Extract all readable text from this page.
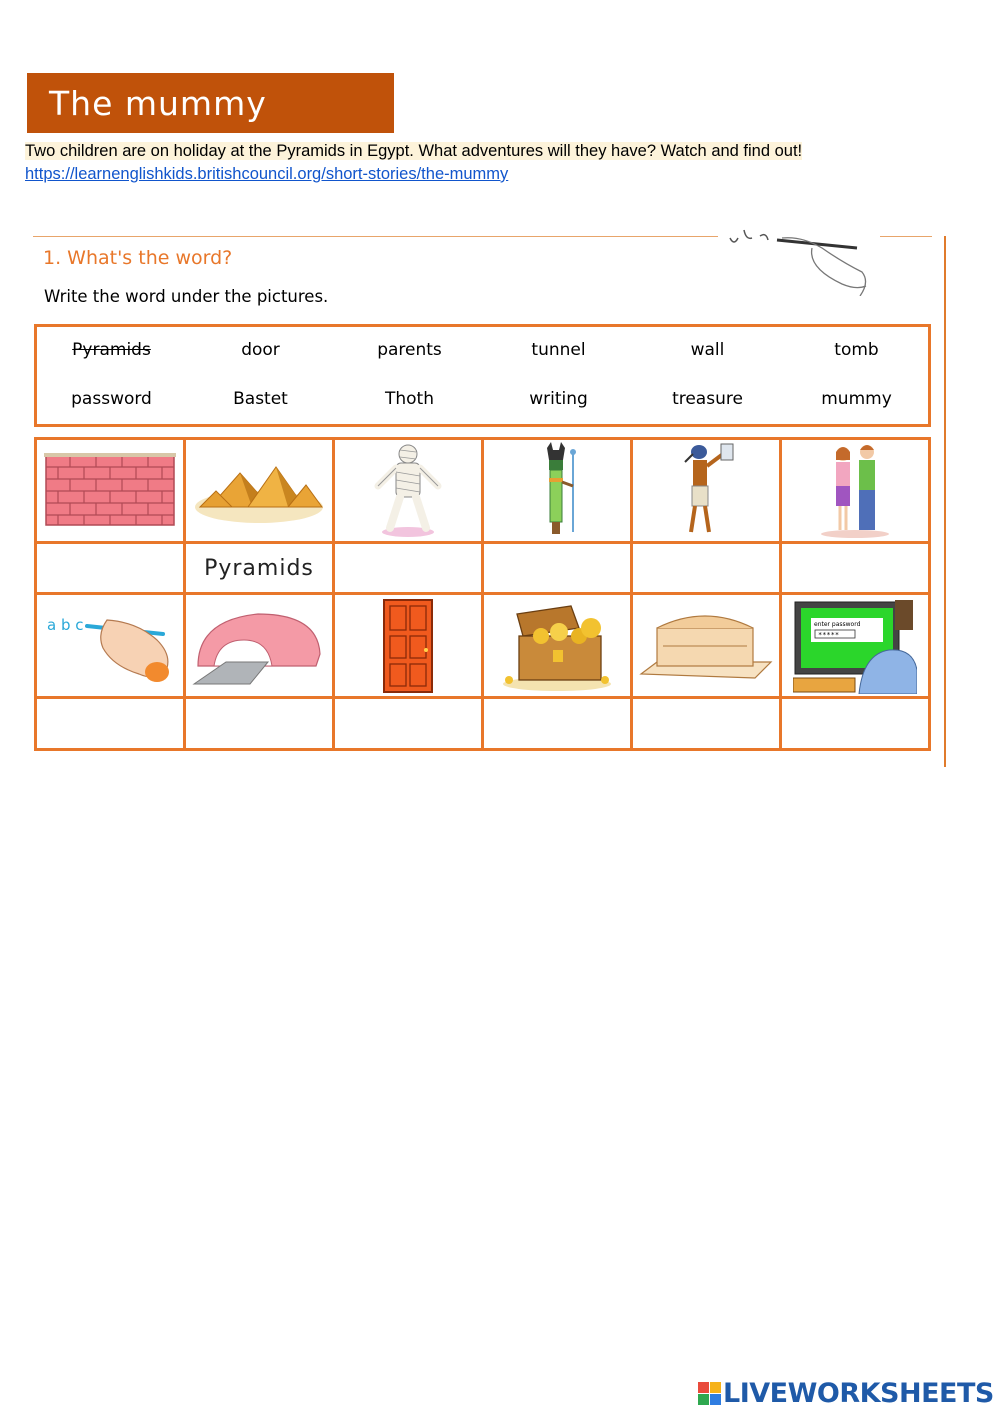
The mummy
Two children are on holiday at the Pyramids in Egypt. What adventures will they have? Watch and find out!
https://learnenglishkids.britishcouncil.org/short-stories/the-mummy
1. What's the word?
Write the word under the pictures.
Pyramids	door	parents	tunnel	wall	tomb
password	Bastet	Thoth	writing	treasure	mummy

	Pyramids				

a b c					enter password
*****

LIVEWORKSHEETS
